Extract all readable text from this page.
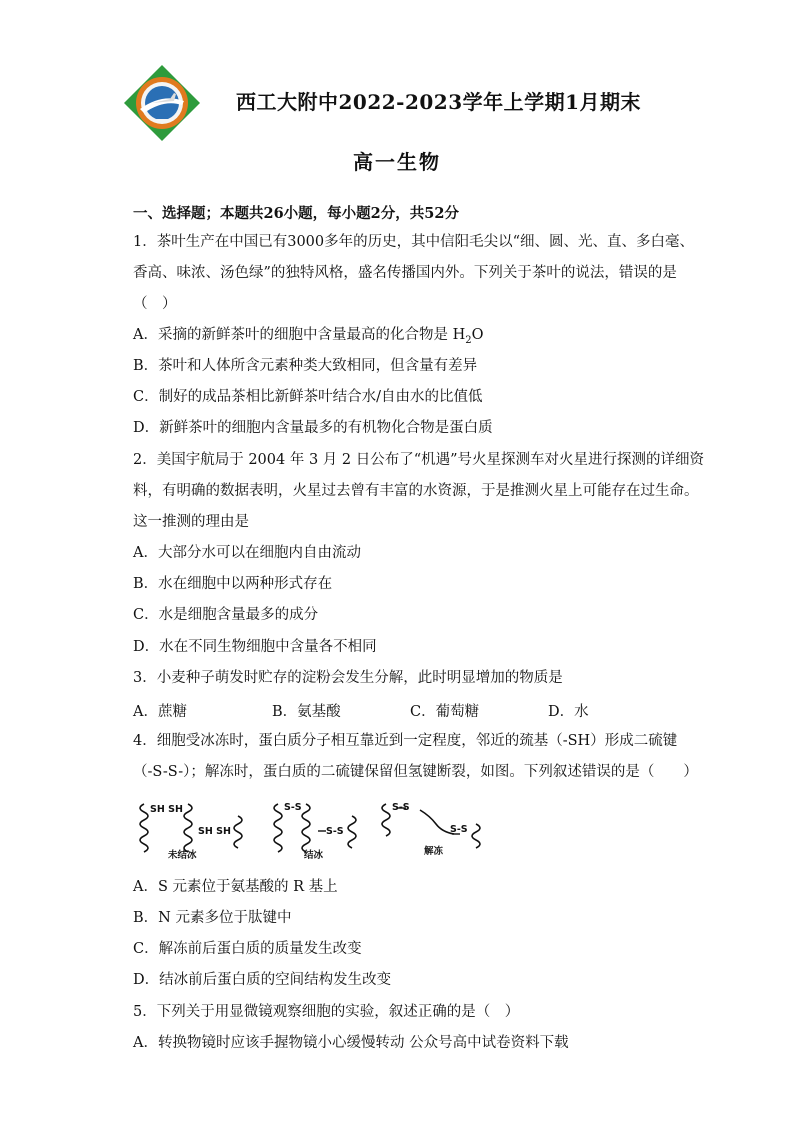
西工大附中2022-2023学年上学期1月期末
高一生物
一、选择题；本题共26小题，每小题2分，共52分
1．茶叶生产在中国已有3000多年的历史，其中信阳毛尖以“细、圆、光、直、多白毫、
香高、味浓、汤色绿”的独特风格，盛名传播国内外。下列关于茶叶的说法，错误的是
（　）
A．采摘的新鲜茶叶的细胞中含量最高的化合物是 $H_2O$
B．茶叶和人体所含元素种类大致相同，但含量有差异
C．制好的成品茶相比新鲜茶叶结合水/自由水的比值低
D．新鲜茶叶的细胞内含量最多的有机物化合物是蛋白质
2．美国宇航局于 2004 年 3 月 2 日公布了“机遇”号火星探测车对火星进行探测的详细资
料，有明确的数据表明，火星过去曾有丰富的水资源，于是推测火星上可能存在过生命。
这一推测的理由是
A．大部分水可以在细胞内自由流动
B．水在细胞中以两种形式存在
C．水是细胞含量最多的成分
D．水在不同生物细胞中含量各不相同
3．小麦种子萌发时贮存的淀粉会发生分解，此时明显增加的物质是
A．蔗糖	B．氨基酸	C．葡萄糖	D．水
4．细胞受冰冻时，蛋白质分子相互靠近到一定程度，邻近的巯基（-SH）形成二硫键
（-S-S-）；解冻时，蛋白质的二硫键保留但氢键断裂，如图。下列叙述错误的是（　　）
SH SH
SH SH
未结冰
S-S
S-S
结冰
S-S
S-S
解冻
A．S 元素位于氨基酸的 R 基上
B．N 元素多位于肽键中
C．解冻前后蛋白质的质量发生改变
D．结冰前后蛋白质的空间结构发生改变
5．下列关于用显微镜观察细胞的实验，叙述正确的是（　）
A．转换物镜时应该手握物镜小心缓慢转动 公众号高中试卷资料下载
